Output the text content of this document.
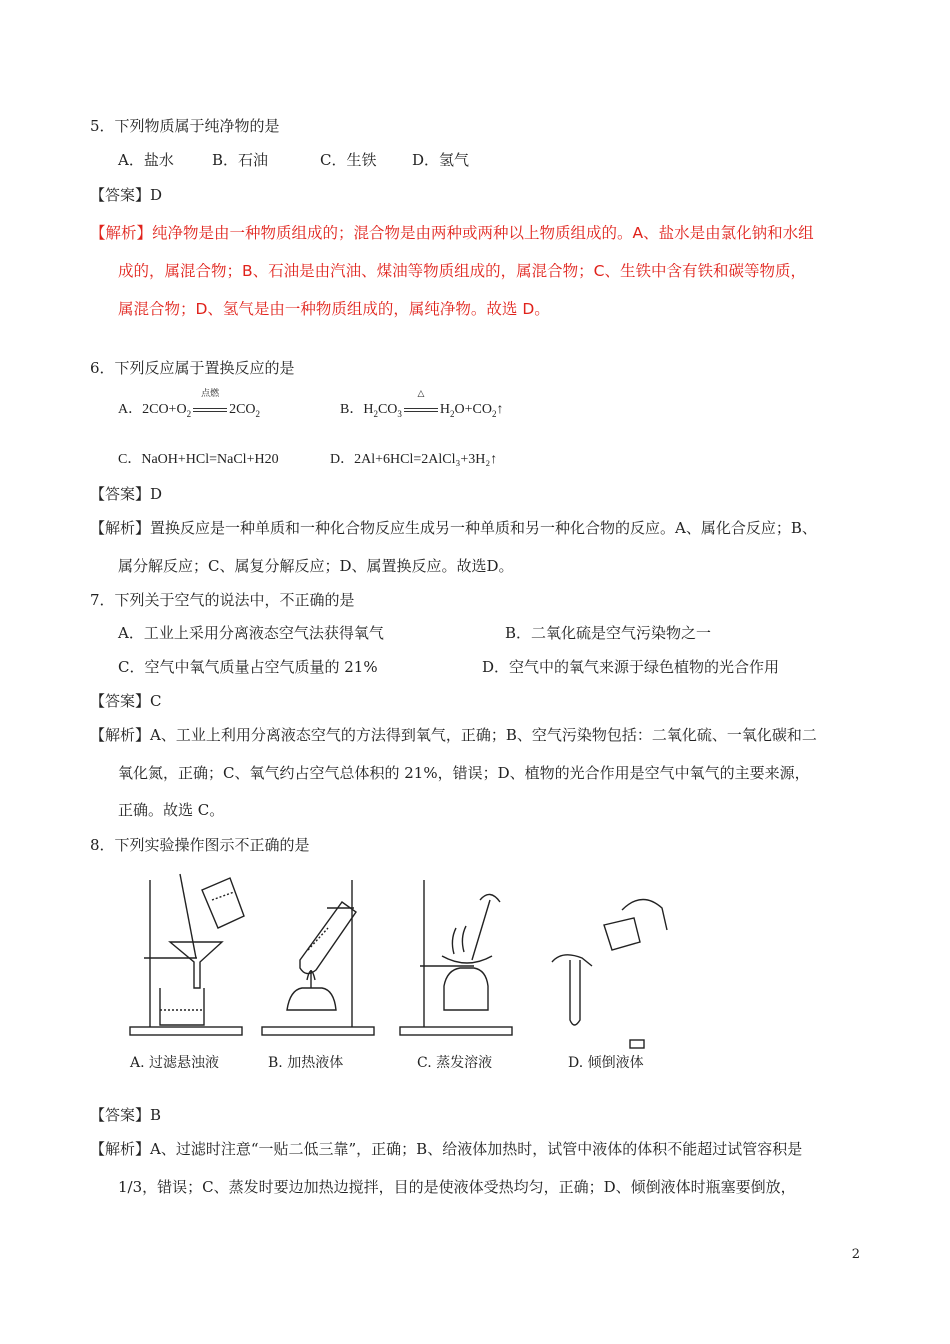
5．下列物质属于纯净物的是
A．盐水	B．石油	C．生铁 D．氢气
【答案】D
【解析】纯净物是由一种物质组成的；混合物是由两种或两种以上物质组成的。A、盐水是由氯化钠和水组
成的，属混合物；B、石油是由汽油、煤油等物质组成的，属混合物；C、生铁中含有铁和碳等物质，
属混合物；D、氢气是由一种物质组成的，属纯净物。故选 D。
6．下列反应属于置换反应的是
A．$2CO+O_2$
点燃
$2CO_2$	B．$H_2CO_3$
△
$H_2O+CO_2↑$
C．NaOH+HCl=NaCl+H20	D．2Al+6HCl=2AlCl₃+3H₂↑
【答案】D
【解析】置换反应是一种单质和一种化合物反应生成另一种单质和另一种化合物的反应。A、属化合反应；B、
属分解反应；C、属复分解反应；D、属置换反应。故选D。
7．下列关于空气的说法中，不正确的是
A．工业上采用分离液态空气法获得氧气	B．二氧化硫是空气污染物之一
C．空气中氧气质量占空气质量的 21%	D．空气中的氧气来源于绿色植物的光合作用
【答案】C
【解析】A、工业上利用分离液态空气的方法得到氧气，正确；B、空气污染物包括：二氧化硫、一氧化碳和二
氧化氮，正确；C、氧气约占空气总体积的 21%，错误；D、植物的光合作用是空气中氧气的主要来源，
正确。故选 C。
8．下列实验操作图示不正确的是
A. 过滤悬浊液	B. 加热液体	C. 蒸发溶液	D. 倾倒液体
【答案】B
【解析】A、过滤时注意“一贴二低三靠”，正确；B、给液体加热时，试管中液体的体积不能超过试管容积是
1/3，错误；C、蒸发时要边加热边搅拌，目的是使液体受热均匀，正确；D、倾倒液体时瓶塞要倒放，
2
